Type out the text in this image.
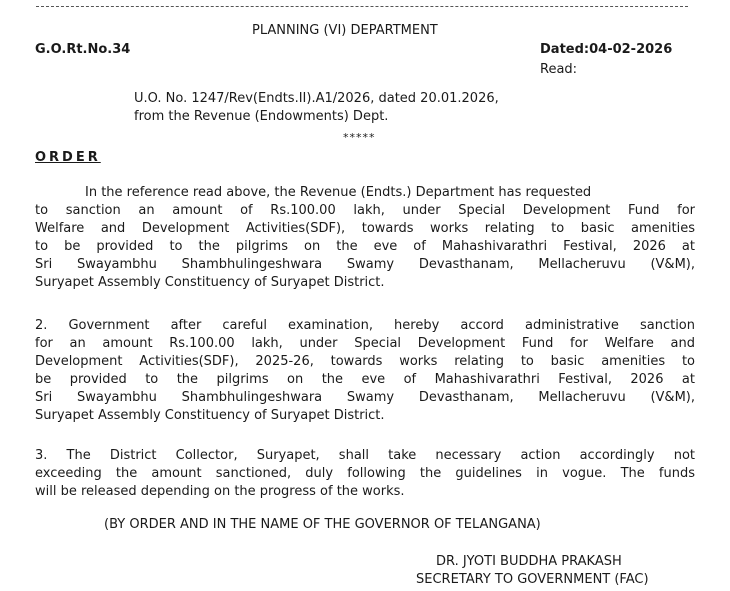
PLANNING (VI) DEPARTMENT
G.O.Rt.No.34	Dated:04-02-2026
Read:
U.O. No. 1247/Rev(Endts.II).A1/2026, dated 20.01.2026,
from the Revenue (Endowments) Dept.
*****
ORDER
In the reference read above, the Revenue (Endts.) Department has requested
to sanction an amount of Rs.100.00 lakh, under Special Development Fund for
Welfare and Development Activities(SDF), towards works relating to basic amenities
to be provided to the pilgrims on the eve of Mahashivarathri Festival, 2026 at
Sri Swayambhu Shambhulingeshwara Swamy Devasthanam, Mellacheruvu (V&M),
Suryapet Assembly Constituency of Suryapet District.
2. Government after careful examination, hereby accord administrative sanction
for an amount Rs.100.00 lakh, under Special Development Fund for Welfare and
Development Activities(SDF), 2025-26, towards works relating to basic amenities to
be provided to the pilgrims on the eve of Mahashivarathri Festival, 2026 at
Sri Swayambhu Shambhulingeshwara Swamy Devasthanam, Mellacheruvu (V&M),
Suryapet Assembly Constituency of Suryapet District.
3. The District Collector, Suryapet, shall take necessary action accordingly not
exceeding the amount sanctioned, duly following the guidelines in vogue. The funds
will be released depending on the progress of the works.
(BY ORDER AND IN THE NAME OF THE GOVERNOR OF TELANGANA)
DR. JYOTI BUDDHA PRAKASH
SECRETARY TO GOVERNMENT (FAC)
